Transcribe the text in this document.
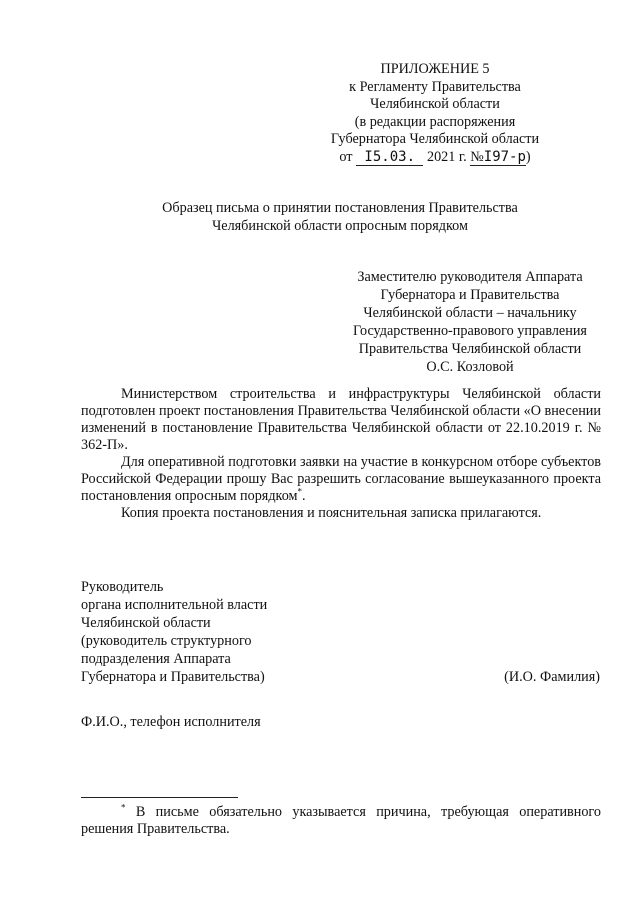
ПРИЛОЖЕНИЕ 5
к Регламенту Правительства
Челябинской области
(в редакции распоряжения
Губернатора Челябинской области
от I5.03. 2021 г. №I97-р)
Образец письма о принятии постановления Правительства
Челябинской области опросным порядком
Заместителю руководителя Аппарата
Губернатора и Правительства
Челябинской области – начальнику
Государственно-правового управления
Правительства Челябинской области
О.С. Козловой

Министерством строительства и инфраструктуры Челябинской области подготовлен проект постановления Правительства Челябинской области «О внесении изменений в постановление Правительства Челябинской области от 22.10.2019 г. № 362-П».

Для оперативной подготовки заявки на участие в конкурсном отборе субъектов Российской Федерации прошу Вас разрешить согласование вышеуказанного проекта постановления опросным порядком*.

Копия проекта постановления и пояснительная записка прилагаются.

Руководитель
органа исполнительной власти
Челябинской области
(руководитель структурного
подразделения Аппарата
Губернатора и Правительства)	(И.О. Фамилия)
Ф.И.О., телефон исполнителя

* В письме обязательно указывается причина, требующая оперативного решения Правительства.
